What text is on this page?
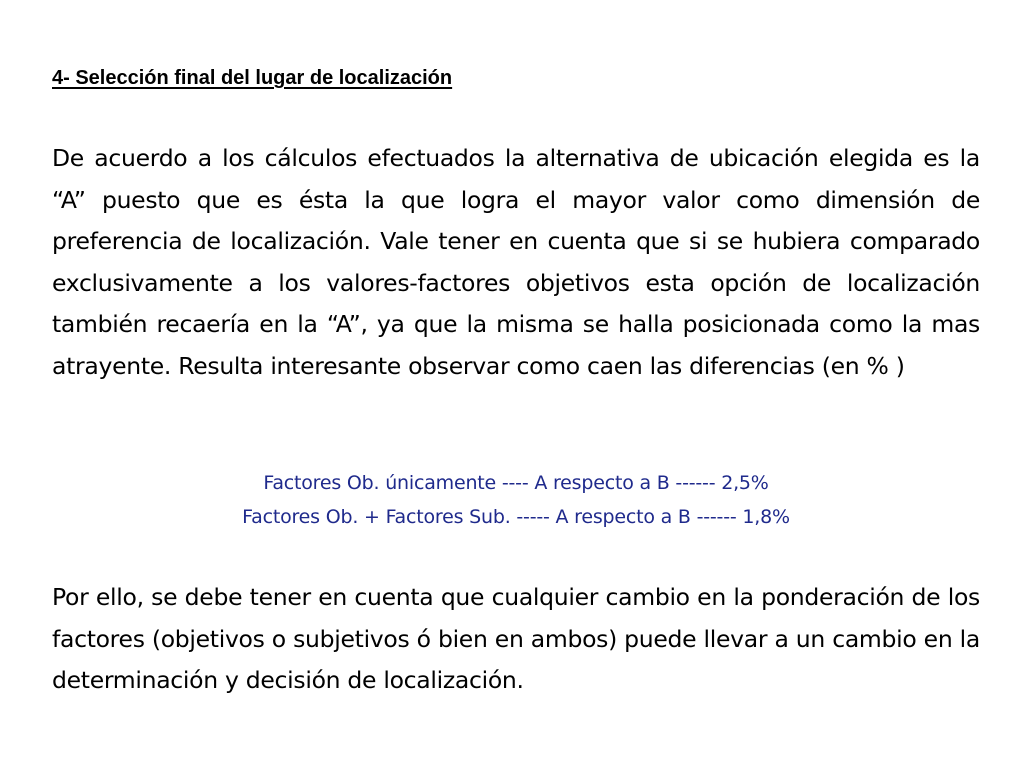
4- Selección final del lugar de localización

De acuerdo a los cálculos efectuados la alternativa de ubicación elegida es la “A” puesto que es ésta la que logra el mayor valor como dimensión de preferencia de localización. Vale tener en cuenta que si se hubiera comparado exclusivamente a los valores-factores objetivos esta opción de localización también recaería en la “A”, ya que la misma se halla posicionada como la mas atrayente. Resulta interesante observar como caen las diferencias (en % )

Factores Ob. únicamente ---- A respecto a B ------ 2,5%
Factores Ob. + Factores Sub. ----- A respecto a B ------ 1,8%

Por ello, se debe tener en cuenta que cualquier cambio en la ponderación de los factores (objetivos o subjetivos ó bien en ambos) puede llevar a un cambio en la determinación y decisión de localización.
